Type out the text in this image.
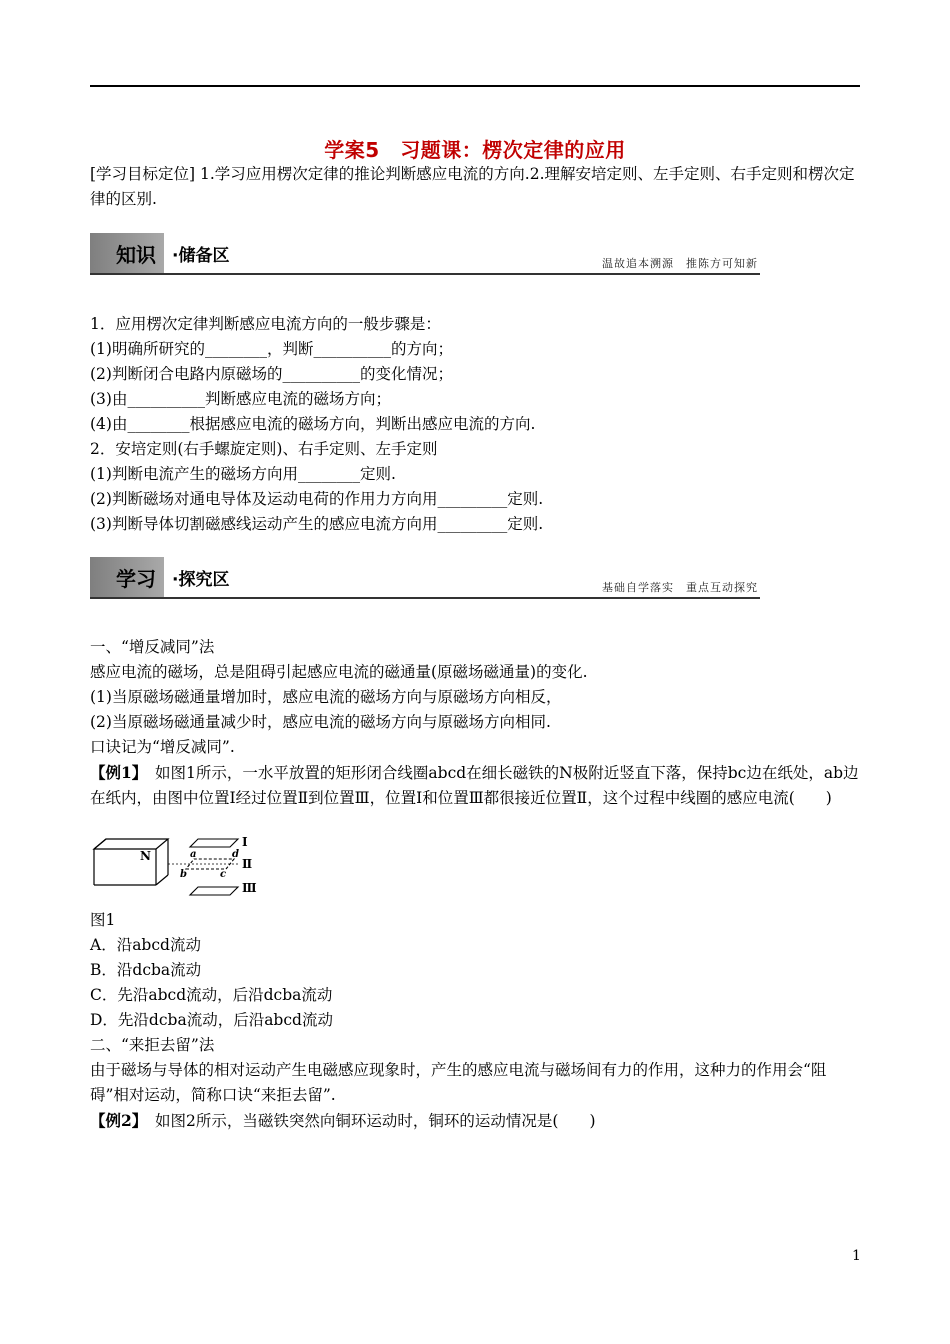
学案5　习题课：楞次定律的应用
[学习目标定位] 1.学习应用楞次定律的推论判断感应电流的方向.2.理解安培定则、左手定则、右手定则和楞次定律的区别.
知识 ·储备区	温故追本溯源　推陈方可知新

1．应用楞次定律判断感应电流方向的一般步骤是：

(1)明确所研究的________，判断__________的方向；

(2)判断闭合电路内原磁场的__________的变化情况；

(3)由__________判断感应电流的磁场方向；

(4)由________根据感应电流的磁场方向，判断出感应电流的方向.

2．安培定则(右手螺旋定则)、右手定则、左手定则

(1)判断电流产生的磁场方向用________定则.

(2)判断磁场对通电导体及运动电荷的作用力方向用_________定则.

(3)判断导体切割磁感线运动产生的感应电流方向用_________定则.

学习 ·探究区	基础自学落实　重点互动探究

一、“增反减同”法

感应电流的磁场，总是阻碍引起感应电流的磁通量(原磁场磁通量)的变化.

(1)当原磁场磁通量增加时，感应电流的磁场方向与原磁场方向相反，

(2)当原磁场磁通量减少时，感应电流的磁场方向与原磁场方向相同.

口诀记为“增反减同”.

【例1】　如图1所示，一水平放置的矩形闭合线圈abcd在细长磁铁的N极附近竖直下落，保持bc边在纸处，ab边在纸内，由图中位置Ⅰ经过位置Ⅱ到位置Ⅲ，位置Ⅰ和位置Ⅲ都很接近位置Ⅱ，这个过程中线圈的感应电流(　　)

N	a
b	c
d
Ⅰ
Ⅱ
Ⅲ

图1

A．沿abcd流动

B．沿dcba流动

C．先沿abcd流动，后沿dcba流动

D．先沿dcba流动，后沿abcd流动

二、“来拒去留”法

由于磁场与导体的相对运动产生电磁感应现象时，产生的感应电流与磁场间有力的作用，这种力的作用会“阻碍”相对运动，简称口诀“来拒去留”.

【例2】　如图2所示，当磁铁突然向铜环运动时，铜环的运动情况是(　　)

1
